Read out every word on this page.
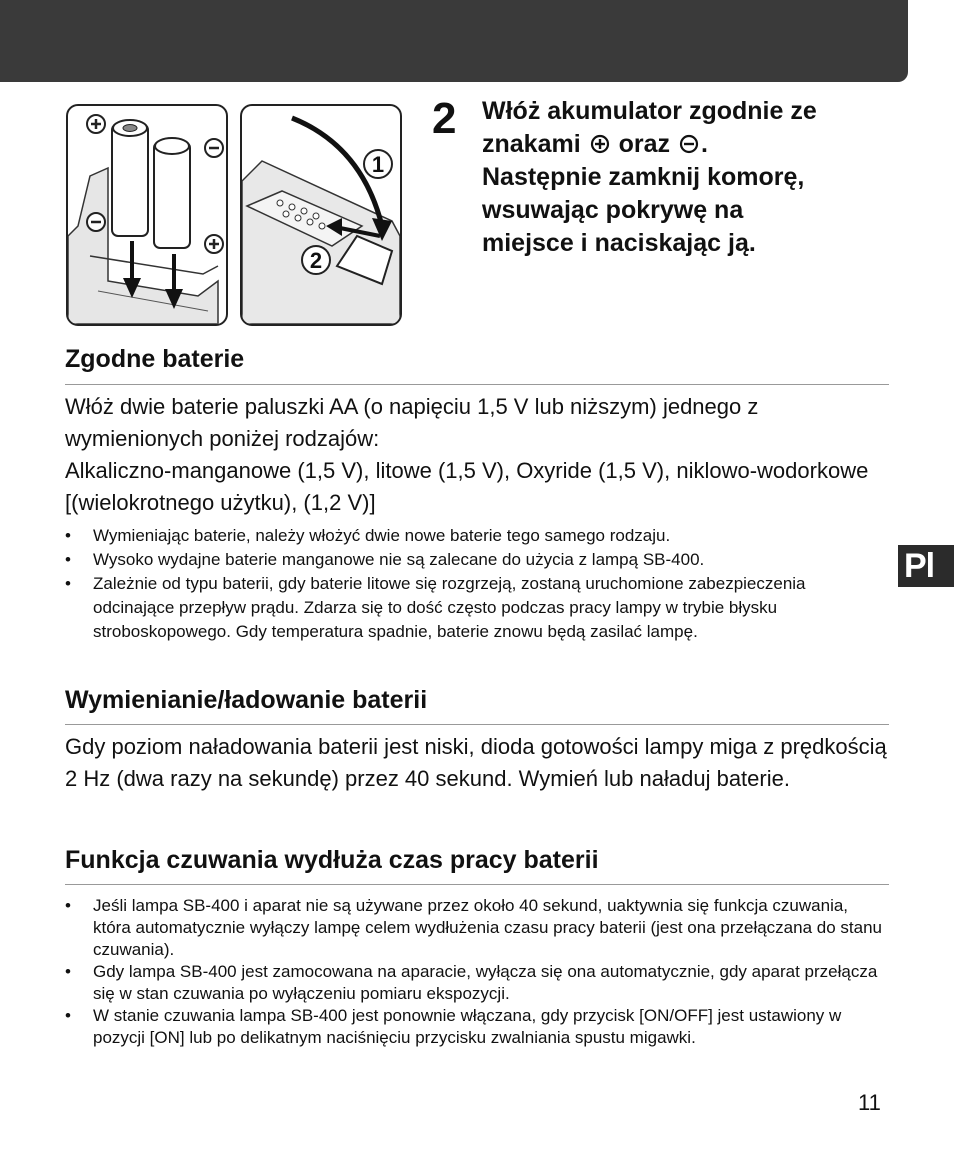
Pl
1
2
2 Włóż akumulator zgodnie ze
znakami oraz .
Następnie zamknij komorę,
wsuwając pokrywę na
miejsce i naciskając ją.
Zgodne baterie

Włóż dwie baterie paluszki AA (o napięciu 1,5 V lub niższym) jednego z wymienionych poniżej rodzajów:

Alkaliczno-manganowe (1,5 V), litowe (1,5 V), Oxyride (1,5 V), niklowo-wodorkowe [(wielokrotnego użytku), (1,2 V)]

• Wymieniając baterie, należy włożyć dwie nowe baterie tego samego rodzaju.
• Wysoko wydajne baterie manganowe nie są zalecane do użycia z lampą SB-400.
• Zależnie od typu baterii, gdy baterie litowe się rozgrzeją, zostaną uruchomione zabezpieczenia odcinające przepływ prądu. Zdarza się to dość często podczas pracy lampy w trybie błysku stroboskopowego. Gdy temperatura spadnie, baterie znowu będą zasilać lampę.
Wymienianie/ładowanie baterii

Gdy poziom naładowania baterii jest niski, dioda gotowości lampy miga z prędkością 2 Hz (dwa razy na sekundę) przez 40 sekund. Wymień lub naładuj baterie.

Funkcja czuwania wydłuża czas pracy baterii
• Jeśli lampa SB-400 i aparat nie są używane przez około 40 sekund, uaktywnia się funkcja czuwania, która automatycznie wyłączy lampę celem wydłużenia czasu pracy baterii (jest ona przełączana do stanu czuwania).
• Gdy lampa SB-400 jest zamocowana na aparacie, wyłącza się ona automatycznie, gdy aparat przełącza się w stan czuwania po wyłączeniu pomiaru ekspozycji.
• W stanie czuwania lampa SB-400 jest ponownie włączana, gdy przycisk [ON/OFF] jest ustawiony w pozycji [ON] lub po delikatnym naciśnięciu przycisku zwalniania spustu migawki.
11
